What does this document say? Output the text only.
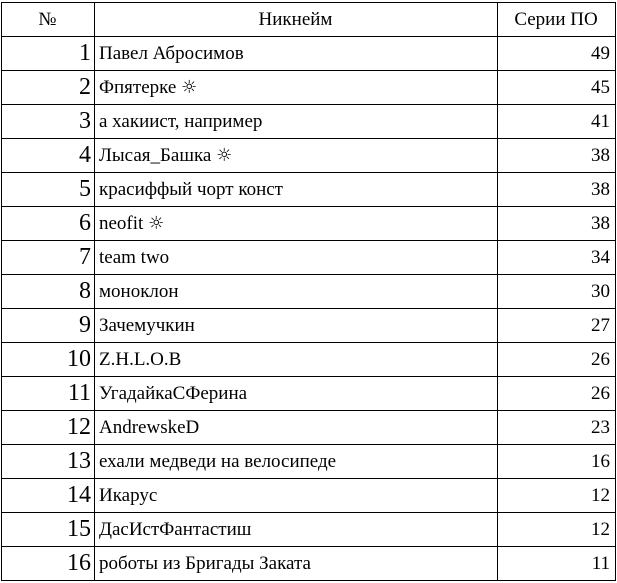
№	Никнейм	Серии ПО
1	Павел Абросимов	49
2	Фпятерке ☼	45
3	а хакиист, например	41
4	Лысая_Башка ☼	38
5	красиффый чорт конст	38
6	neofit ☼	38
7	team two	34
8	моноклон	30
9	Зачемучкин	27
10	Z.H.L.O.B	26
11	УгадайкаСФерина	26
12	AndrewskeD	23
13	ехали медведи на велосипеде	16
14	Икарус	12
15	ДасИстФантастиш	12
16	роботы из Бригады Заката	11
